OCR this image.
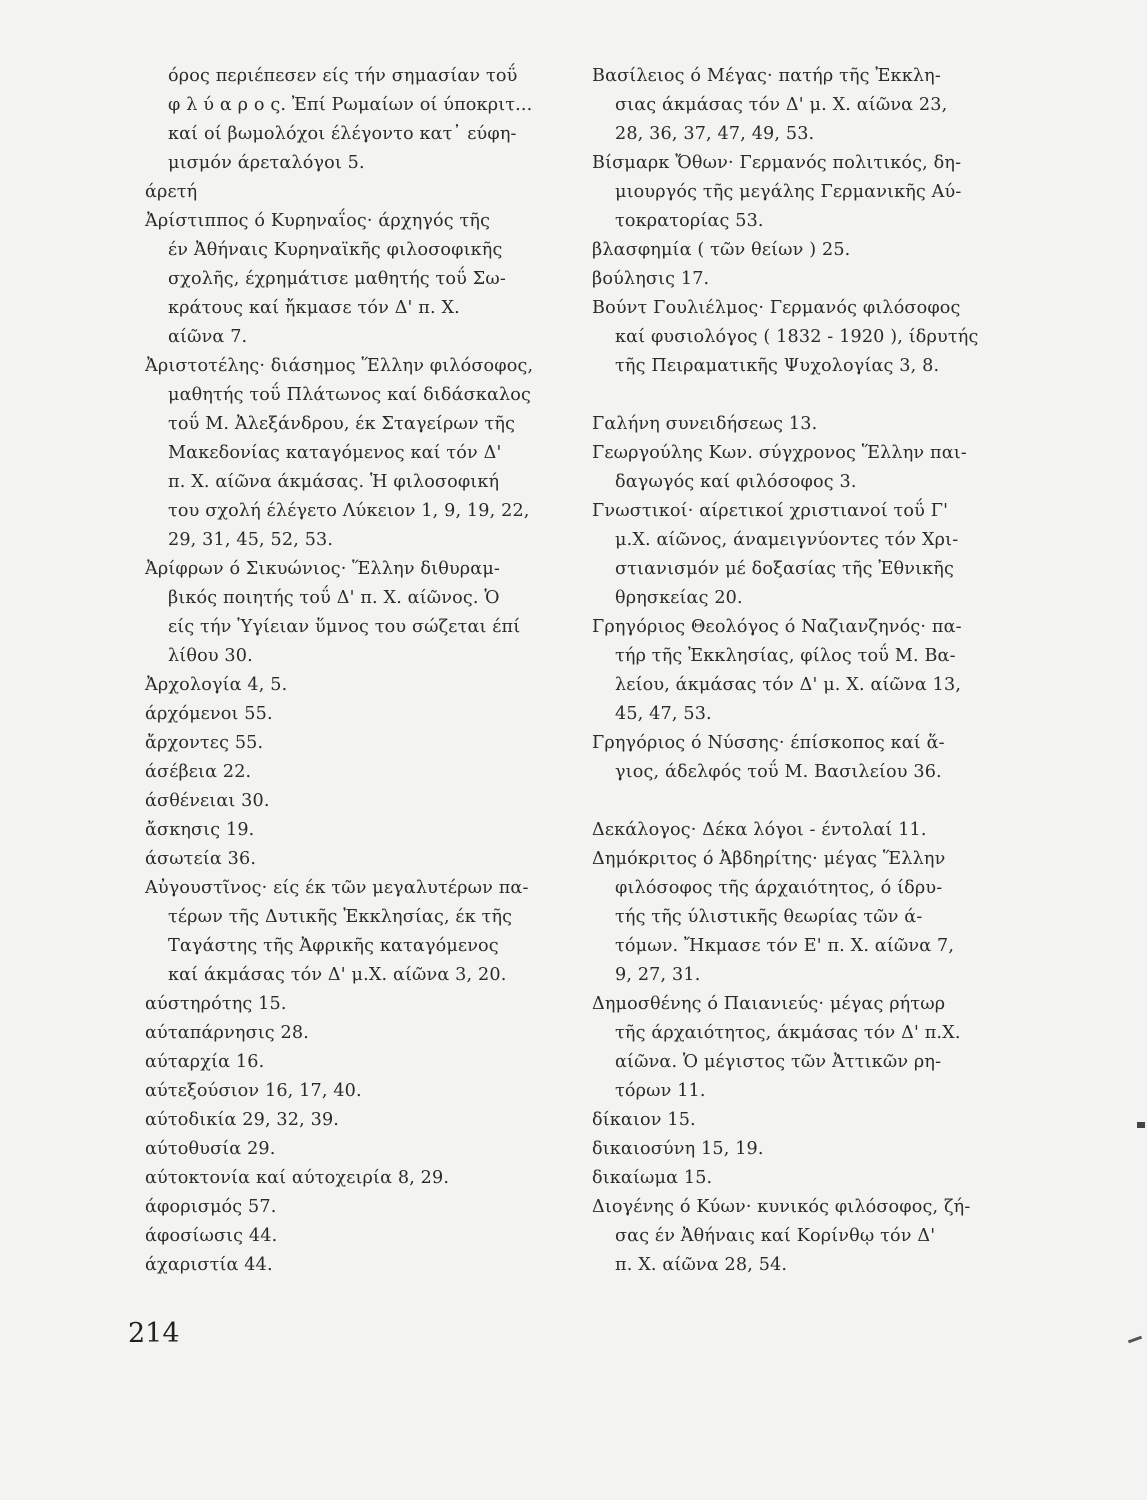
όρος περιέπεσεν είς τήν σημασίαν τοΰ
φ λ ύ α ρ ο ς. Ἐπί Ρωμαίων οί ύποκριτ...
καί οί βωμολόχοι έλέγοντο κατ᾿ εύφη-
μισμόν άρεταλόγοι 5.
άρετή
Ἀρίστιππος ό Κυρηναΐος· άρχηγός τῆς
έν Ἀθήναις Κυρηναϊκῆς φιλοσοφικῆς
σχολῆς, έχρημάτισε μαθητής τοΰ Σω-
κράτους καί ἤκμασε τόν Δ' π. Χ.
αίῶνα 7.
Ἀριστοτέλης· διάσημος Ἕλλην φιλόσοφος,
μαθητής τοΰ Πλάτωνος καί διδάσκαλος
τοΰ Μ. Ἀλεξάνδρου, έκ Σταγείρων τῆς
Μακεδονίας καταγόμενος καί τόν Δ'
π. Χ. αίῶνα άκμάσας. Ἡ φιλοσοφική
του σχολή έλέγετο Λύκειον 1, 9, 19, 22,
29, 31, 45, 52, 53.
Ἀρίφρων ό Σικυώνιος· Ἕλλην διθυραμ-
βικός ποιητής τοΰ Δ' π. Χ. αίῶνος. Ὁ
είς τήν Ὑγίειαν ὕμνος του σώζεται έπί
λίθου 30.
Ἀρχολογία 4, 5.
άρχόμενοι 55.
ἄρχοντες 55.
άσέβεια 22.
άσθένειαι 30.
ἄσκησις 19.
άσωτεία 36.
Αὐγουστῖνος· είς έκ τῶν μεγαλυτέρων πα-
τέρων τῆς Δυτικῆς Ἐκκλησίας, έκ τῆς
Ταγάστης τῆς Ἀφρικῆς καταγόμενος
καί άκμάσας τόν Δ' μ.Χ. αίῶνα 3, 20.
αύστηρότης 15.
αύταπάρνησις 28.
αύταρχία 16.
αύτεξούσιον 16, 17, 40.
αύτοδικία 29, 32, 39.
αύτοθυσία 29.
αύτοκτονία καί αύτοχειρία 8, 29.
άφορισμός 57.
άφοσίωσις 44.
άχαριστία 44.
Βασίλειος ό Μέγας· πατήρ τῆς Ἐκκλη-
σιας άκμάσας τόν Δ' μ. Χ. αίῶνα 23,
28, 36, 37, 47, 49, 53.
Βίσμαρκ Ὄθων· Γερμανός πολιτικός, δη-
μιουργός τῆς μεγάλης Γερμανικῆς Αύ-
τοκρατορίας 53.
βλασφημία ( τῶν θείων ) 25.
βούλησις 17.
Βούντ Γουλιέλμος· Γερμανός φιλόσοφος
καί φυσιολόγος ( 1832 - 1920 ), ίδρυτής
τῆς Πειραματικῆς Ψυχολογίας 3, 8.
Γαλήνη συνειδήσεως 13.
Γεωργούλης Κων. σύγχρονος Ἕλλην παι-
δαγωγός καί φιλόσοφος 3.
Γνωστικοί· αίρετικοί χριστιανοί τοΰ Γ'
μ.Χ. αίῶνος, άναμειγνύοντες τόν Χρι-
στιανισμόν μέ δοξασίας τῆς Ἐθνικῆς
θρησκείας 20.
Γρηγόριος Θεολόγος ό Ναζιανζηνός· πα-
τήρ τῆς Ἐκκλησίας, φίλος τοΰ Μ. Βα-
λείου, άκμάσας τόν Δ' μ. Χ. αίῶνα 13,
45, 47, 53.
Γρηγόριος ό Νύσσης· έπίσκοπος καί ἅ-
γιος, άδελφός τοΰ Μ. Βασιλείου 36.
Δεκάλογος· Δέκα λόγοι - έντολαί 11.
Δημόκριτος ό Ἀβδηρίτης· μέγας Ἕλλην
φιλόσοφος τῆς άρχαιότητος, ό ίδρυ-
τής τῆς ύλιστικῆς θεωρίας τῶν ά-
τόμων. Ἤκμασε τόν Ε' π. Χ. αίῶνα 7,
9, 27, 31.
Δημοσθένης ό Παιανιεύς· μέγας ρήτωρ
τῆς άρχαιότητος, άκμάσας τόν Δ' π.Χ.
αίῶνα. Ὁ μέγιστος τῶν Ἀττικῶν ρη-
τόρων 11.
δίκαιον 15.
δικαιοσύνη 15, 19.
δικαίωμα 15.
Διογένης ό Κύων· κυνικός φιλόσοφος, ζή-
σας έν Ἀθήναις καί Κορίνθῳ τόν Δ'
π. Χ. αίῶνα 28, 54.
214
